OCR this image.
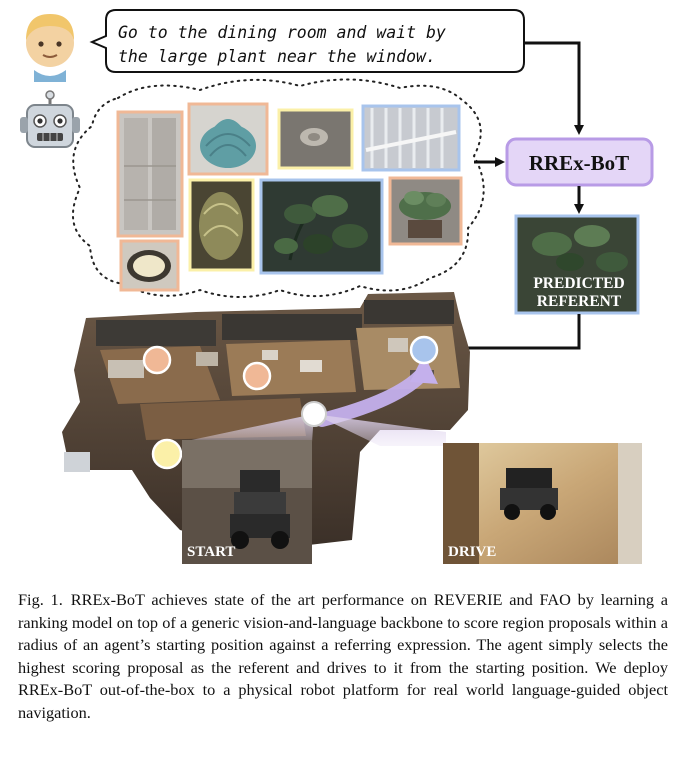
Go to the dining room and wait by
the large plant near the window.
RREx-BoT
PREDICTED
REFERENT
START	DRIVE

Fig. 1. RREx-BoT achieves state of the art performance on REVERIE and FAO by learning a ranking model on top of a generic vision-and-language backbone to score region proposals within a radius of an agent’s starting position against a referring expression. The agent simply selects the highest scoring proposal as the referent and drives to it from the starting position. We deploy RREx-BoT out-of-the-box to a physical robot platform for real world language-guided object navigation.
